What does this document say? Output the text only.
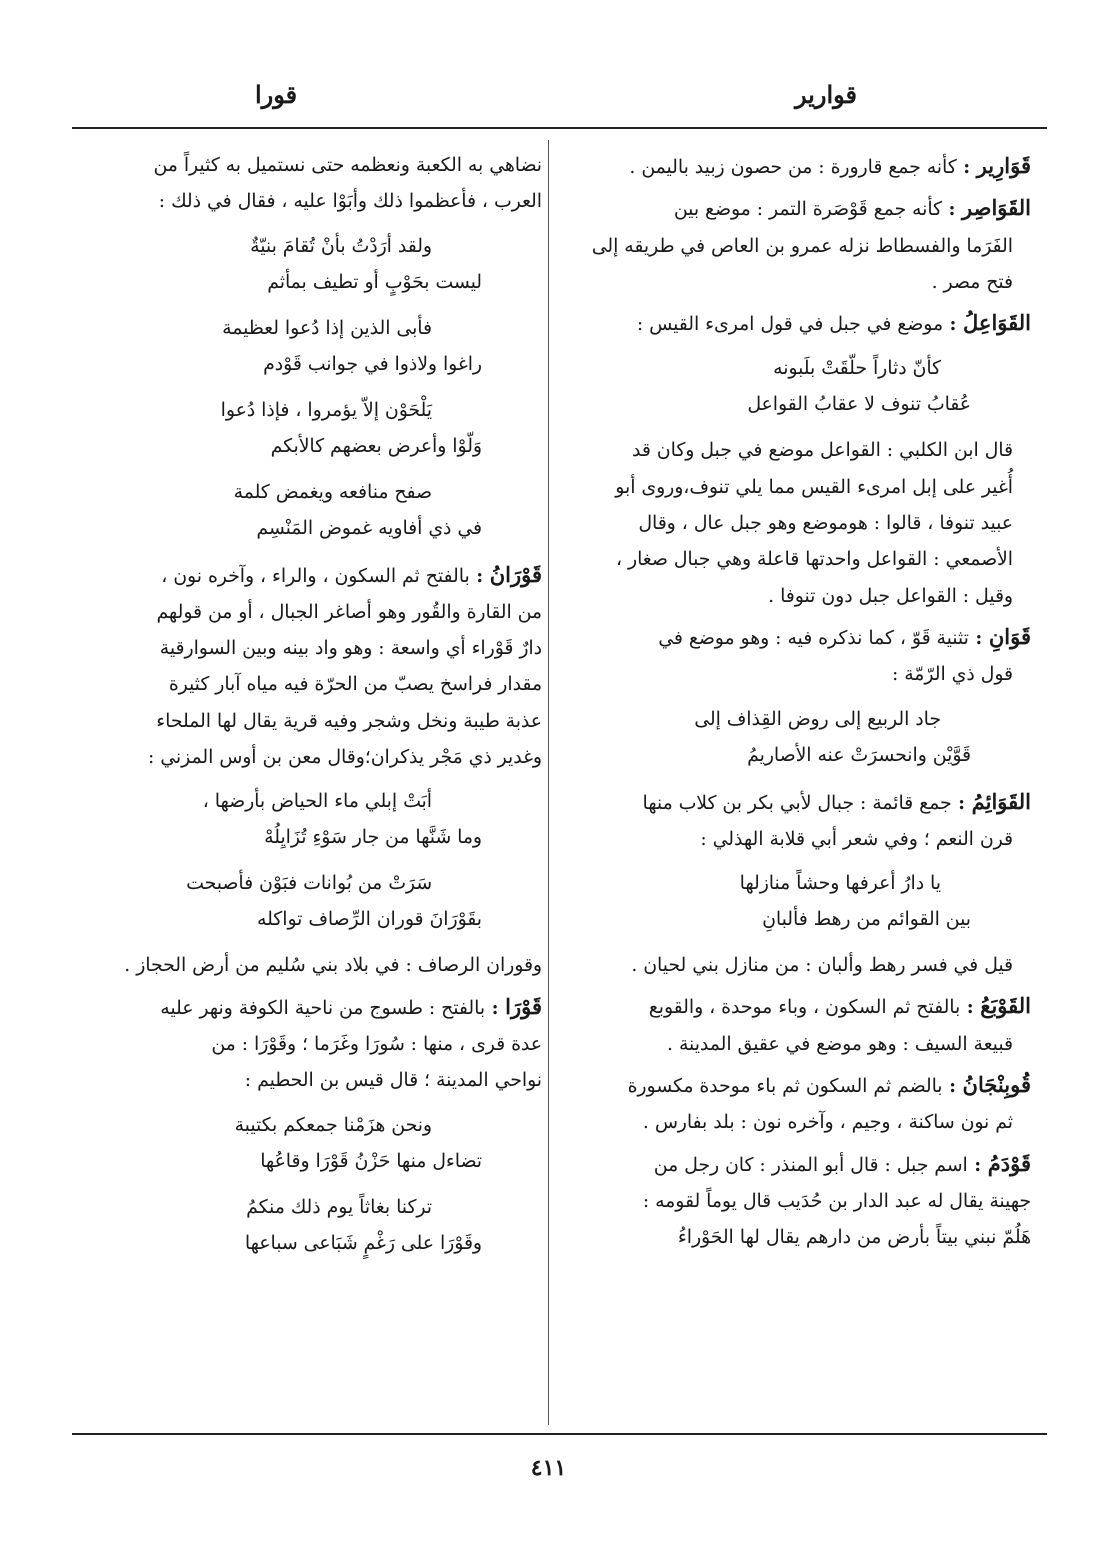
قوارير
قورا
قَوَارِير : كأنه جمع قارورة : من حصون زبيد باليمن .
القَوَاصِر : كأنه جمع قَوْصَرة التمر : موضع بين
الفَرَما والفسطاط نزله عمرو بن العاص في طريقه إلى
فتح مصر .
القَوَاعِلُ : موضع في جبل في قول امرىء القيس :
كأنّ دثاراً حلّقَتْ بلَبونه
عُقابُ تنوف لا عقابُ القواعل
قال ابن الكلبي : القواعل موضع في جبل وكان قد
أُغير على إبل امرىء القيس مما يلي تنوف،وروى أبو
عبيد تنوفا ، قالوا : هوموضع وهو جبل عال ، وقال
الأصمعي : القواعل واحدتها قاعلة وهي جبال صغار ،
وقيل : القواعل جبل دون تنوفا .
قَوَانِ : تثنية قَوّ ، كما نذكره فيه : وهو موضع في
قول ذي الرّمّة :
جاد الربيع إلى روض القِذاف إلى
قَوَّيْن وانحسرَتْ عنه الأصاريمُ
القَوَائِمُ : جمع قائمة : جبال لأبي بكر بن كلاب منها
قرن النعم ؛ وفي شعر أبي قلابة الهذلي :
يا دارُ أعرفها وحشاً منازلها
بين القوائم من رهط فألبانِ
قيل في فسر رهط وألبان : من منازل بني لحيان .
القَوْبَعُ : بالفتح ثم السكون ، وباء موحدة ، والقوبع
قبيعة السيف : وهو موضع في عقيق المدينة .
قُوبِنْجَانُ : بالضم ثم السكون ثم باء موحدة مكسورة
ثم نون ساكنة ، وجيم ، وآخره نون : بلد بفارس .
قَوْدَمُ : اسم جبل : قال أبو المنذر : كان رجل من
جهينة يقال له عبد الدار بن حُدَيب قال يوماً لقومه :
هَلُمّ نبني بيتاً بأرض من دارهم يقال لها الحَوْراءُ
نضاهي به الكعبة ونعظمه حتى نستميل به كثيراً من
العرب ، فأعظموا ذلك وأبَوْا عليه ، فقال في ذلك :
ولقد أرَدْتُ بأنْ تُقامَ بنيّةٌ
ليست بحَوْبٍ أو تطيف بمأثم
فأبى الذين إذا دُعوا لعظيمة
راغوا ولاذوا في جوانب قَوْدم
يَلْحَوْن إلاّ يؤمروا ، فإذا دُعوا
وَلّوْا وأعرض بعضهم كالأبكم
صفح منافعه ويغمض كلمة
في ذي أفاويه غموض المَنْسِم
قَوْرَانُ : بالفتح ثم السكون ، والراء ، وآخره نون ،
من القارة والقُور وهو أصاغر الجبال ، أو من قولهم
دارٌ قَوْراء أي واسعة : وهو واد بينه وبين السوارقية
مقدار فراسخ يصبّ من الحرّة فيه مياه آبار كثيرة
عذبة طيبة ونخل وشجر وفيه قرية يقال لها الملحاء
وغدير ذي مَجْر يذكران؛وقال معن بن أوس المزني :
أبَتْ إبلي ماء الحياض بأرضها ،
وما شَنَّها من جار سَوْءِ تُزَايِلُهْ
سَرَتْ من بُوانات فبَوْن فأصبحت
بقَوْرَانَ قوران الرِّصاف تواكله
وقوران الرصاف : في بلاد بني سُليم من أرض الحجاز .
قَوْرَا : بالفتح : طسوج من ناحية الكوفة ونهر عليه
عدة قرى ، منها : سُورَا وغَرَما ؛ وقَوْرَا : من
نواحي المدينة ؛ قال قيس بن الحطيم :
ونحن هزَمْنا جمعكم بكتيبة
تضاءل منها حَزْنُ قَوْرَا وقاعُها
تركنا بغاثاً يوم ذلك منكمُ
وقَوْرَا على رَغْمٍ شَبَاعى سباعها
٤١١
